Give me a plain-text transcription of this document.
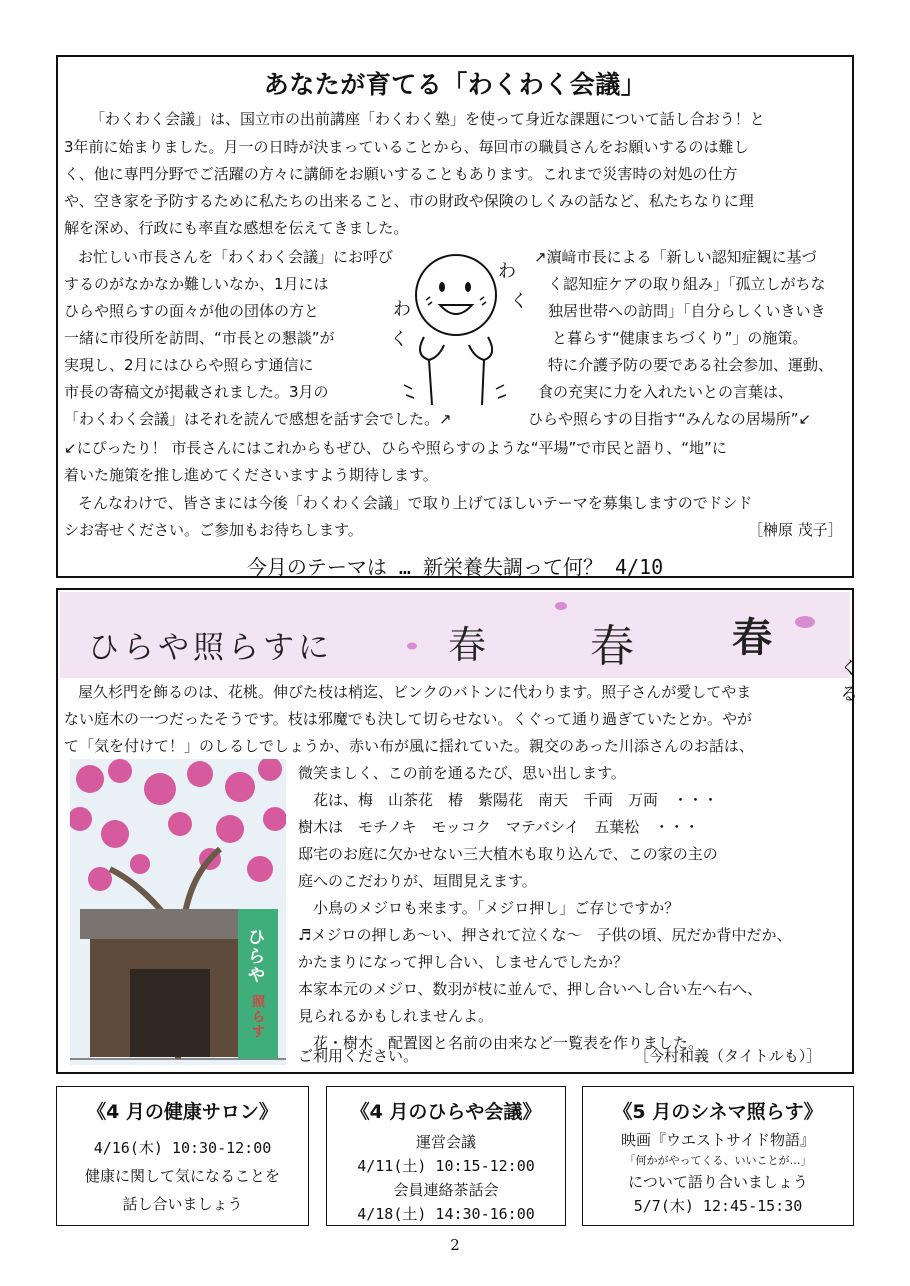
あなたが育てる「わくわく会議」
「わくわく会議」は、国立市の出前講座「わくわく塾」を使って身近な課題について話し合おう！と
3年前に始まりました。月一の日時が決まっていることから、毎回市の職員さんをお願いするのは難し
く、他に専門分野でご活躍の方々に講師をお願いすることもあります。これまで災害時の対処の仕方
や、空き家を予防するために私たちの出来ること、市の財政や保険のしくみの話など、私たちなりに理
解を深め、行政にも率直な感想を伝えてきました。
お忙しい市長さんを「わくわく会議」にお呼び
するのがなかなか難しいなか、1月には
ひらや照らすの面々が他の団体の方と
一緒に市役所を訪問、“市長との懇談”が
実現し、2月にはひらや照らす通信に
市長の寄稿文が掲載されました。3月の
「わくわく会議」はそれを読んで感想を話す会でした。↗
↗濵﨑市長による「新しい認知症観に基づ
く認知症ケアの取り組み」「孤立しがちな
独居世帯への訪問」「自分らしくいきいき
と暮らす“健康まちづくり”」の施策。
特に介護予防の要である社会参加、運動、
食の充実に力を入れたいとの言葉は、
ひらや照らすの目指す“みんなの居場所”↙
わ
く
わ
く
↙にぴったり！ 市長さんにはこれからもぜひ、ひらや照らすのような“平場”で市民と語り、“地”に
着いた施策を推し進めてくださいますよう期待します。
そんなわけで、皆さまには今後「わくわく会議」で取り上げてほしいテーマを募集しますのでドシド
シお寄せください。ご参加もお待ちします。	［榊原 茂子］
今月のテーマは … 新栄養失調って何？ 4/10
ひらや照らすに	春 春 春
くる
屋久杉門を飾るのは、花桃。伸びた枝は梢迄、ピンクのバトンに代わります。照子さんが愛してやま
ない庭木の一つだったそうです。枝は邪魔でも決して切らせない。くぐって通り過ぎていたとか。やが
て「気を付けて！」のしるしでしょうか、赤い布が風に揺れていた。親交のあった川添さんのお話は、
微笑ましく、この前を通るたび、思い出します。
　花は、梅　山茶花　椿　紫陽花　南天　千両　万両　・・・
樹木は　モチノキ　モッコク　マテバシイ　五葉松　・・・
邸宅のお庭に欠かせない三大植木も取り込んで、この家の主の
庭へのこだわりが、垣間見えます。
　小鳥のメジロも来ます。「メジロ押し」ご存じですか？
♬メジロの押しあ～い、押されて泣くな～　子供の頃、尻だか背中だか、
かたまりになって押し合い、しませんでしたか？
本家本元のメジロ、数羽が枝に並んで、押し合いへし合い左へ右へ、
見られるかもしれませんよ。
　花・樹木　配置図と名前の由来など一覧表を作りました。
ご利用ください。	［今村和義（タイトルも）］
ひらや
照らす
《4 月の健康サロン》
4/16(木) 10:30-12:00
健康に関して気になることを
話し合いましょう
《4 月のひらや会議》
運営会議
4/11(土) 10:15-12:00
会員連絡茶話会
4/18(土) 14:30-16:00
《5 月のシネマ照らす》
映画『ウエストサイド物語』
「何かがやってくる、いいことが…」
について語り合いましょう
5/7(木) 12:45-15:30
2
